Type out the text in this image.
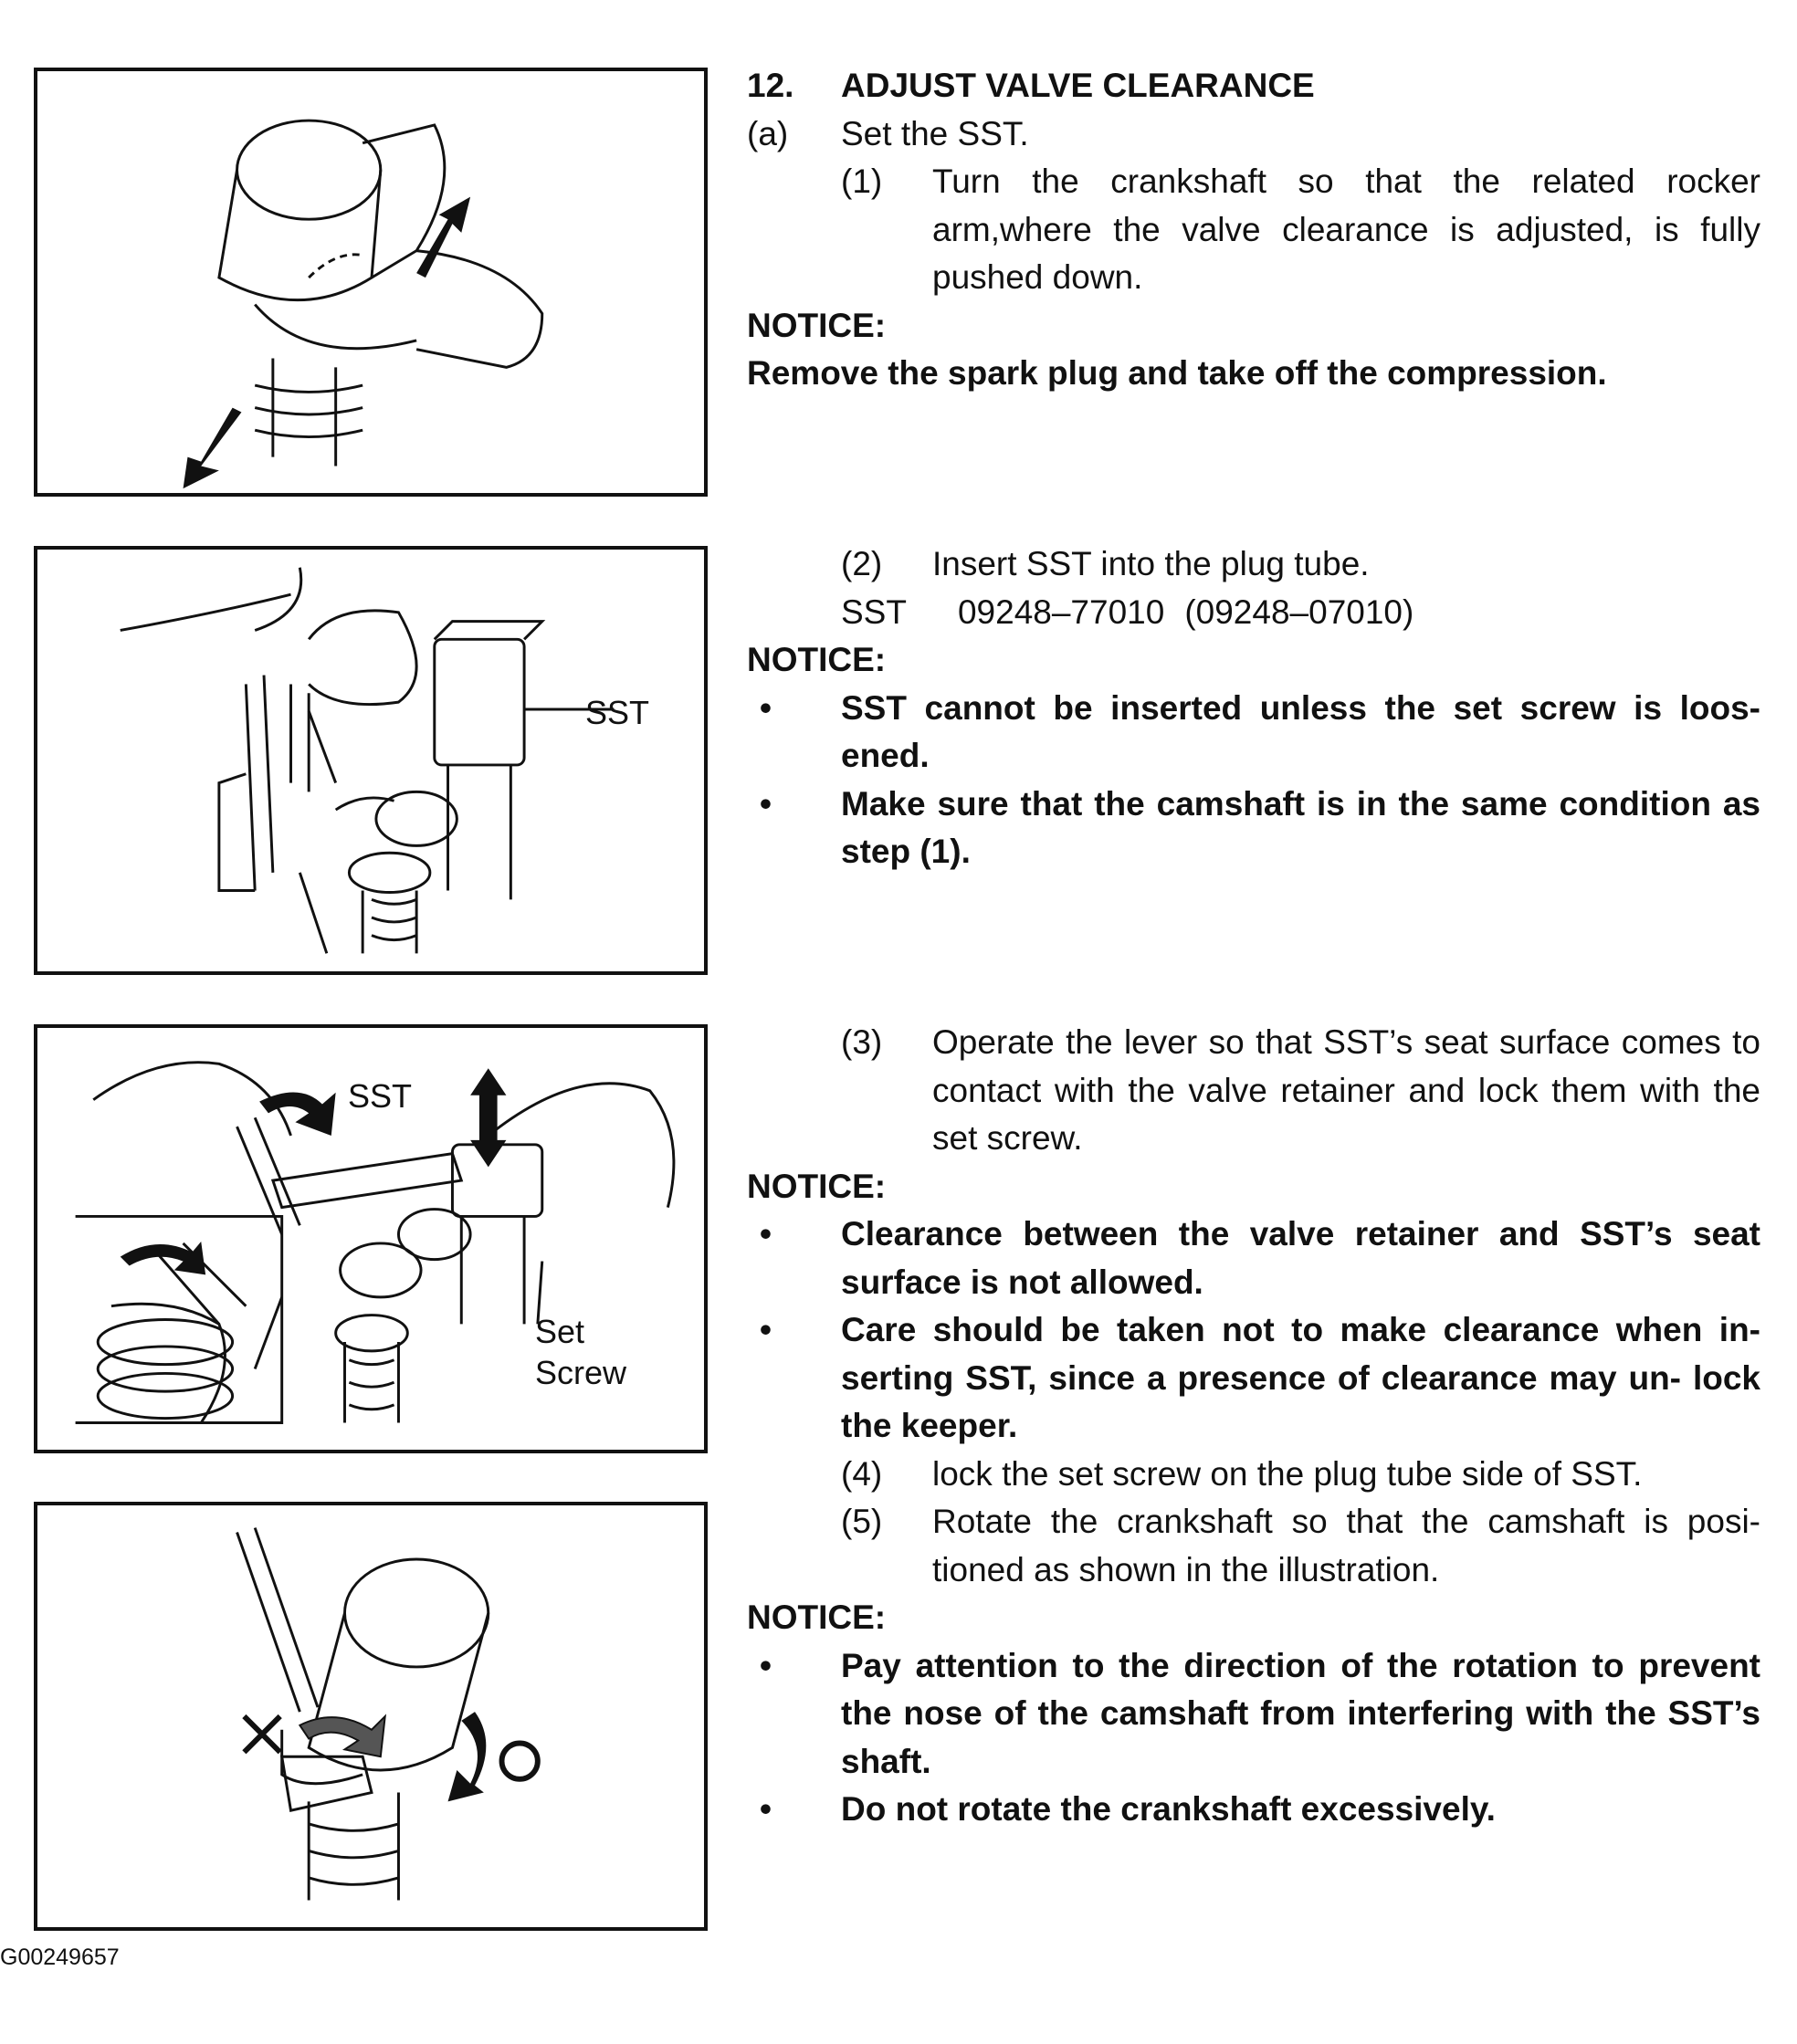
SST
SST
Set
Screw
G00249657
12. ADJUST VALVE CLEARANCE
(a) Set the SST.
(1) Turn the crankshaft so that the related rocker arm,where the valve clearance is adjusted, is fully pushed down.
NOTICE:
Remove the spark plug and take off the compression.
(2) Insert SST into the plug tube.
SST 09248–77010 (09248–07010)
NOTICE:
• SST cannot be inserted unless the set screw is loos- ened.
• Make sure that the camshaft is in the same condition as step (1).
(3) Operate the lever so that SST’s seat surface comes to contact with the valve retainer and lock them with the set screw.
NOTICE:
• Clearance between the valve retainer and SST’s seat surface is not allowed.
• Care should be taken not to make clearance when in- serting SST, since a presence of clearance may un- lock the keeper.
(4) lock the set screw on the plug tube side of SST.
(5) Rotate the crankshaft so that the camshaft is posi- tioned as shown in the illustration.
NOTICE:
• Pay attention to the direction of the rotation to prevent the nose of the camshaft from interfering with the SST’s shaft.
• Do not rotate the crankshaft excessively.
